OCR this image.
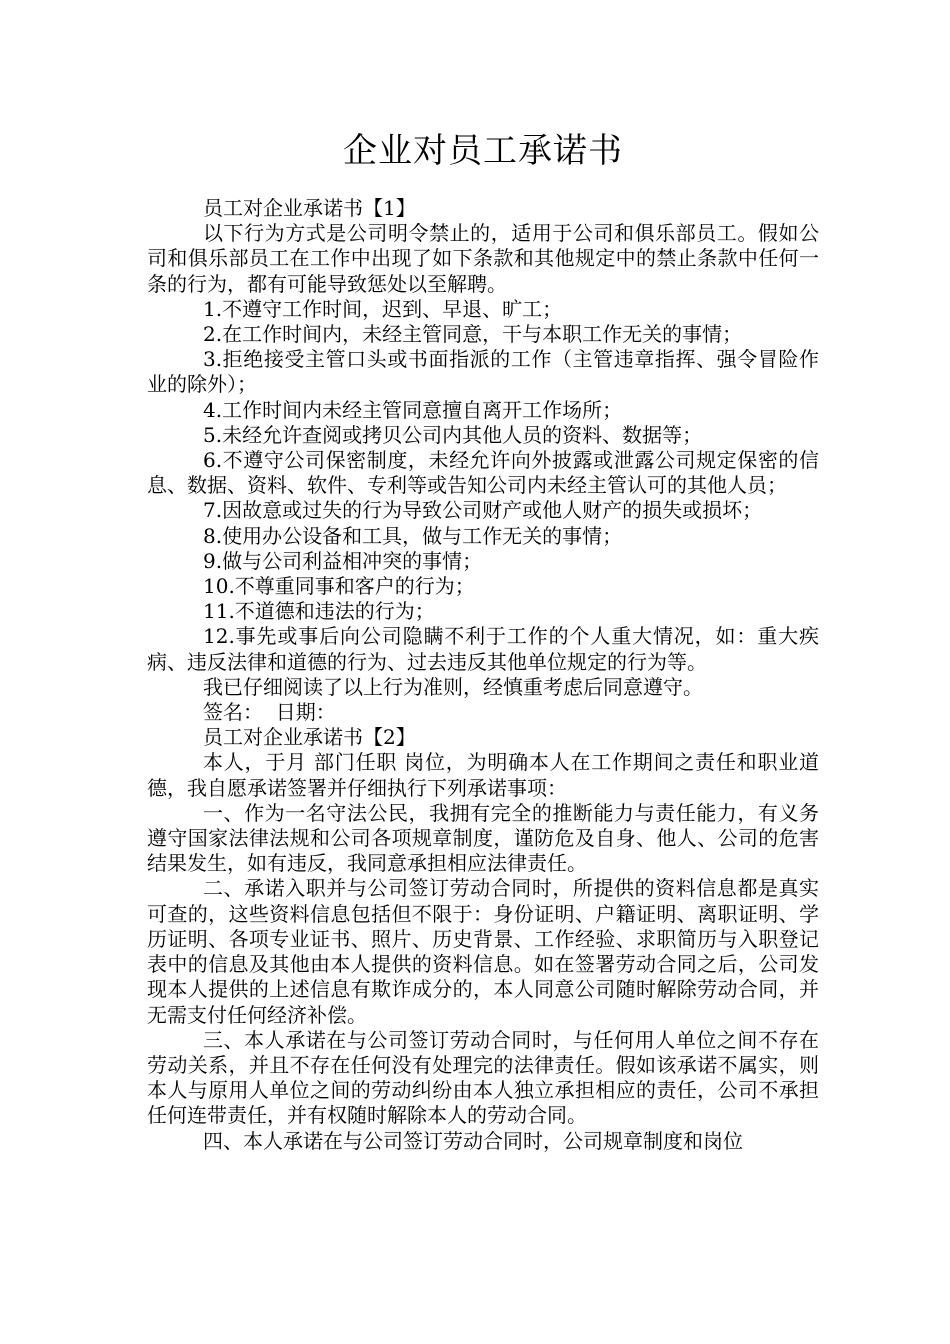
企业对员工承诺书

员工对企业承诺书【1】

以下行为方式是公司明令禁止的，适用于公司和俱乐部员工。假如公司和俱乐部员工在工作中出现了如下条款和其他规定中的禁止条款中任何一条的行为，都有可能导致惩处以至解聘。

1.不遵守工作时间，迟到、早退、旷工；

2.在工作时间内，未经主管同意，干与本职工作无关的事情；

3.拒绝接受主管口头或书面指派的工作（主管违章指挥、强令冒险作业的除外）；

4.工作时间内未经主管同意擅自离开工作场所；

5.未经允许查阅或拷贝公司内其他人员的资料、数据等；

6.不遵守公司保密制度，未经允许向外披露或泄露公司规定保密的信息、数据、资料、软件、专利等或告知公司内未经主管认可的其他人员；

7.因故意或过失的行为导致公司财产或他人财产的损失或损坏；

8.使用办公设备和工具，做与工作无关的事情；

9.做与公司利益相冲突的事情；

10.不尊重同事和客户的行为；

11.不道德和违法的行为；

12.事先或事后向公司隐瞒不利于工作的个人重大情况，如：重大疾病、违反法律和道德的行为、过去违反其他单位规定的行为等。

我已仔细阅读了以上行为准则，经慎重考虑后同意遵守。

签名：  日期：

员工对企业承诺书【2】

本人，于月 部门任职 岗位，为明确本人在工作期间之责任和职业道德，我自愿承诺签署并仔细执行下列承诺事项：

一、作为一名守法公民，我拥有完全的推断能力与责任能力，有义务遵守国家法律法规和公司各项规章制度，谨防危及自身、他人、公司的危害结果发生，如有违反，我同意承担相应法律责任。

二、承诺入职并与公司签订劳动合同时，所提供的资料信息都是真实可查的，这些资料信息包括但不限于：身份证明、户籍证明、离职证明、学历证明、各项专业证书、照片、历史背景、工作经验、求职简历与入职登记表中的信息及其他由本人提供的资料信息。如在签署劳动合同之后，公司发现本人提供的上述信息有欺诈成分的，本人同意公司随时解除劳动合同，并无需支付任何经济补偿。

三、本人承诺在与公司签订劳动合同时，与任何用人单位之间不存在劳动关系，并且不存在任何没有处理完的法律责任。假如该承诺不属实，则本人与原用人单位之间的劳动纠纷由本人独立承担相应的责任，公司不承担任何连带责任，并有权随时解除本人的劳动合同。

四、本人承诺在与公司签订劳动合同时，公司规章制度和岗位
